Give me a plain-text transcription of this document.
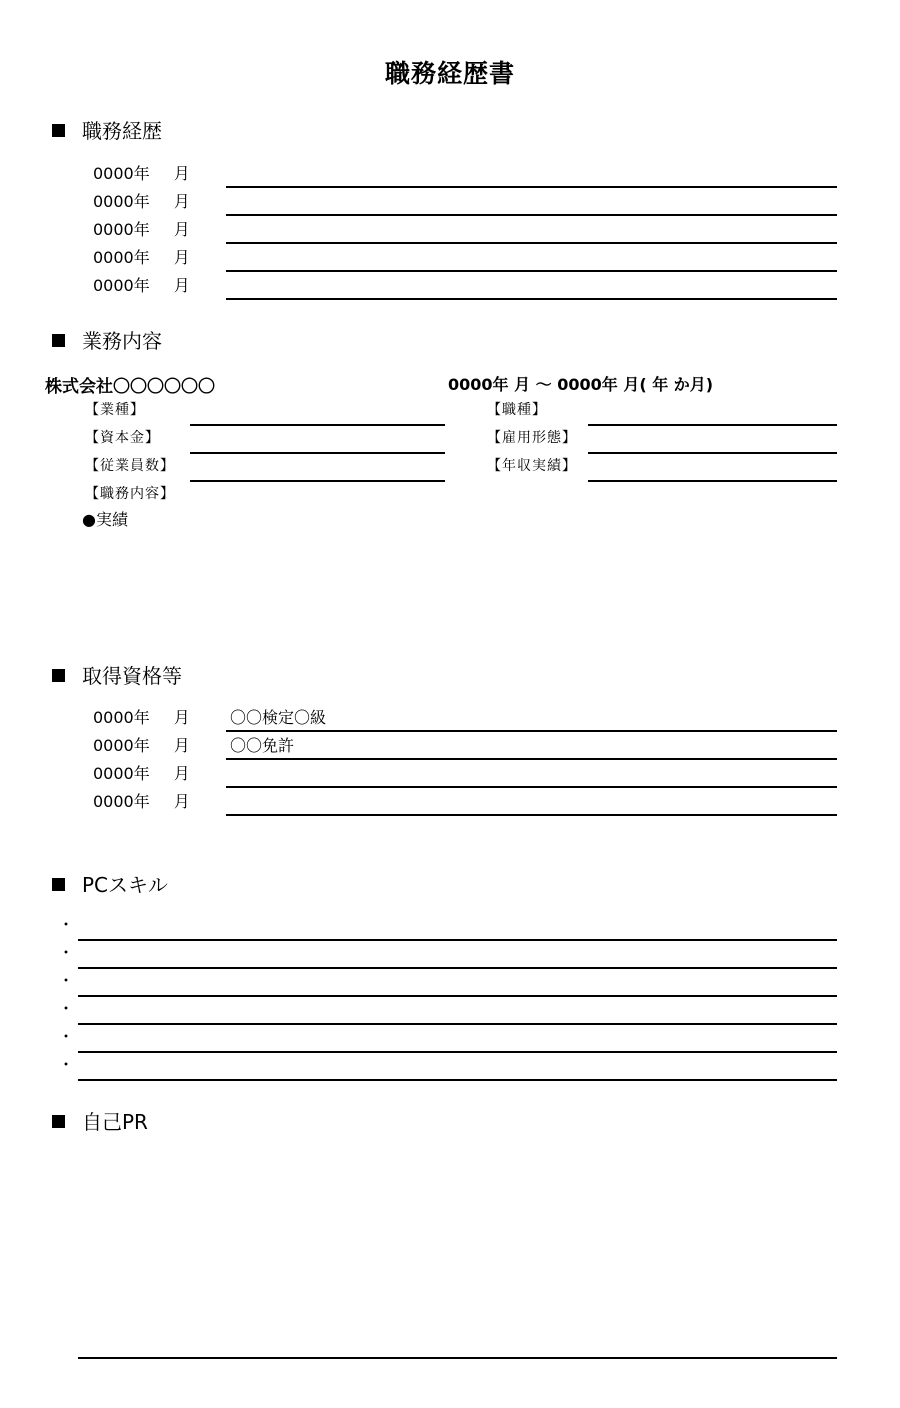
職務経歴書
職務経歴
0000年 月
0000年 月
0000年 月
0000年 月
0000年 月
業務内容
株式会社〇〇〇〇〇〇	0000年 月 ～ 0000年 月( 年 か月)
【業種】
【資本金】
【従業員数】
【職種】
【雇用形態】
【年収実績】
【職務内容】
●実績
取得資格等
0000年 月	〇〇検定〇級
0000年 月	〇〇免許
0000年 月
0000年 月
PCスキル
・
・
・
・
・
・
自己PR
